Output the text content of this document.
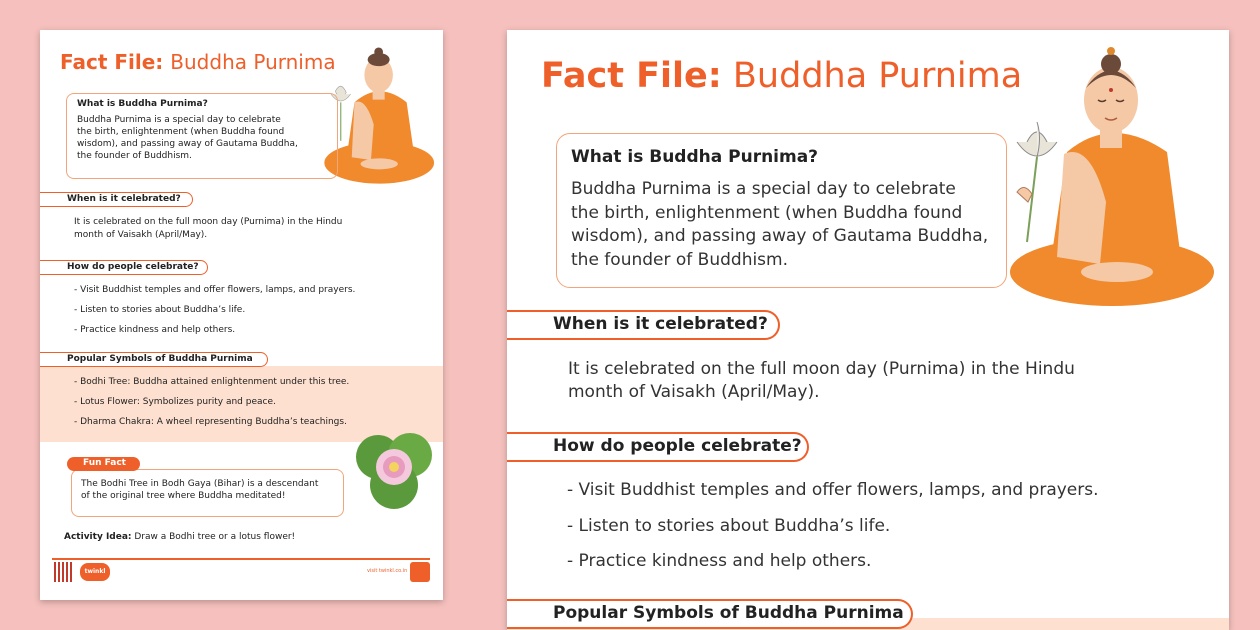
Fact File: Buddha Purnima
What is Buddha Purnima?
Buddha Purnima is a special day to celebrate
the birth, enlightenment (when Buddha found
wisdom), and passing away of Gautama Buddha,
the founder of Buddhism.
When is it celebrated?
It is celebrated on the full moon day (Purnima) in the Hindu
month of Vaisakh (April/May).
How do people celebrate?
- Visit Buddhist temples and offer flowers, lamps, and prayers.
- Listen to stories about Buddha’s life.
- Practice kindness and help others.
Popular Symbols of Buddha Purnima
- Bodhi Tree: Buddha attained enlightenment under this tree.
- Lotus Flower: Symbolizes purity and peace.
- Dharma Chakra: A wheel representing Buddha’s teachings.
The Bodhi Tree in Bodh Gaya (Bihar) is a descendant
of the original tree where Buddha meditated!
Fun Fact
Activity Idea: Draw a Bodhi tree or a lotus flower!
twinkl	visit twinkl.co.in
Fact File: Buddha Purnima
What is Buddha Purnima?
Buddha Purnima is a special day to celebrate
the birth, enlightenment (when Buddha found
wisdom), and passing away of Gautama Buddha,
the founder of Buddhism.
When is it celebrated?
It is celebrated on the full moon day (Purnima) in the Hindu
month of Vaisakh (April/May).
How do people celebrate?
- Visit Buddhist temples and offer flowers, lamps, and prayers.
- Listen to stories about Buddha’s life.
- Practice kindness and help others.
Popular Symbols of Buddha Purnima
